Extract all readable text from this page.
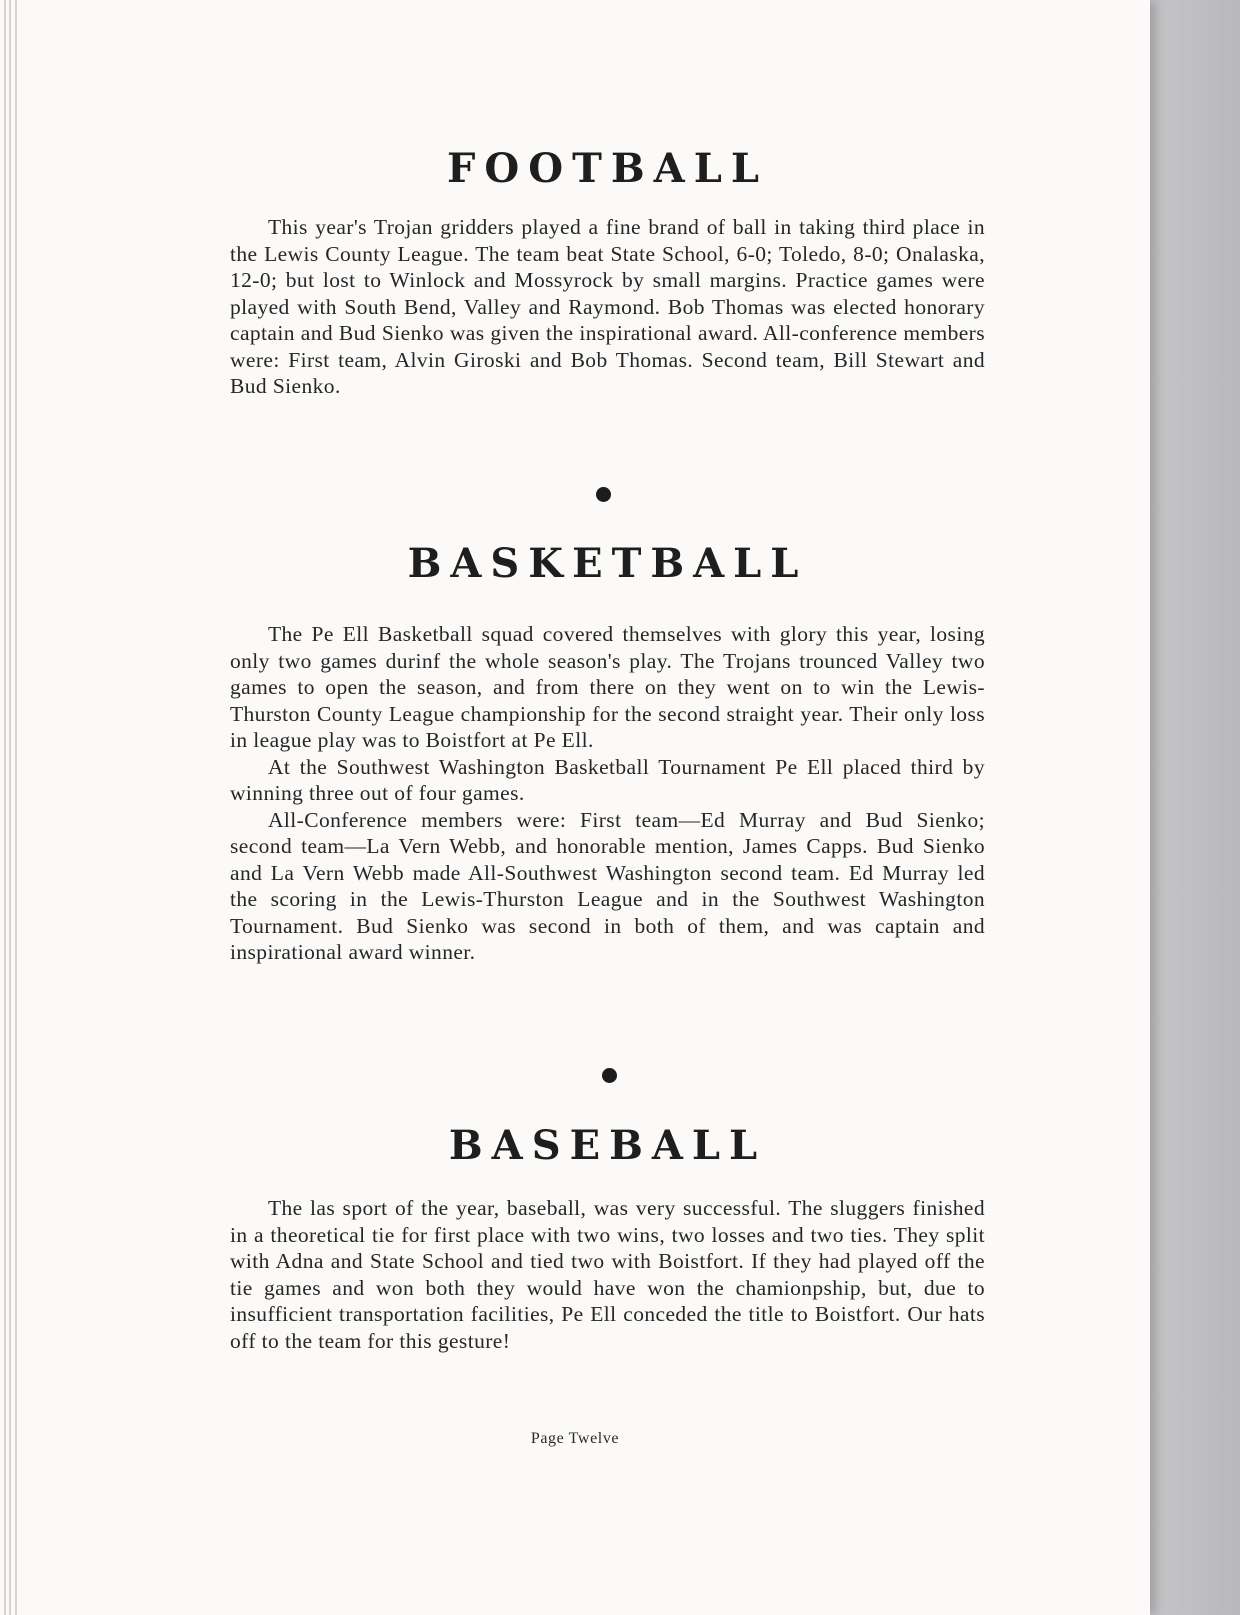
FOOTBALL

This year's Trojan gridders played a fine brand of ball in taking third place in the Lewis County League. The team beat State School, 6-0; Toledo, 8-0; Onalaska, 12-0; but lost to Winlock and Mossyrock by small margins. Practice games were played with South Bend, Valley and Raymond. Bob Thomas was elected honorary captain and Bud Sienko was given the inspirational award. All-conference members were: First team, Alvin Giroski and Bob Thomas. Second team, Bill Stewart and Bud Sienko.

BASKETBALL

The Pe Ell Basketball squad covered themselves with glory this year, losing only two games durinf the whole season's play. The Trojans trounced Valley two games to open the season, and from there on they went on to win the Lewis-Thurston County League championship for the second straight year. Their only loss in league play was to Boistfort at Pe Ell.

At the Southwest Washington Basketball Tournament Pe Ell placed third by winning three out of four games.

All-Conference members were: First team—Ed Murray and Bud Sienko; second team—La Vern Webb, and honorable mention, James Capps. Bud Sienko and La Vern Webb made All-Southwest Washington second team. Ed Murray led the scoring in the Lewis-Thurston League and in the Southwest Washington Tournament. Bud Sienko was second in both of them, and was captain and inspirational award winner.

BASEBALL

The las sport of the year, baseball, was very successful. The sluggers finished in a theoretical tie for first place with two wins, two losses and two ties. They split with Adna and State School and tied two with Boistfort. If they had played off the tie games and won both they would have won the chamionpship, but, due to insufficient transportation facilities, Pe Ell conceded the title to Boistfort. Our hats off to the team for this gesture!

Page Twelve
